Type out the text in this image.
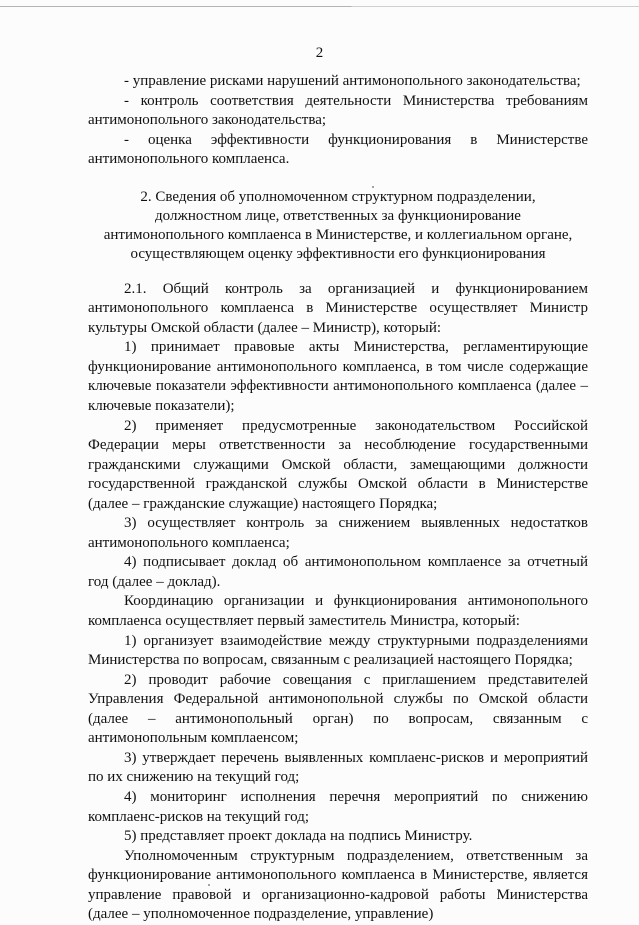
2

- управление рисками нарушений антимонопольного законодательства;

- контроль соответствия деятельности Министерства требованиям антимонопольного законодательства;

- оценка эффективности функционирования в Министерстве антимонопольного комплаенса.

2. Сведения об уполномоченном структурном подразделении, должностном лице, ответственных за функционирование антимонопольного комплаенса в Министерстве, и коллегиальном органе, осуществляющем оценку эффективности его функционирования

2.1. Общий контроль за организацией и функционированием антимонопольного комплаенса в Министерстве осуществляет Министр культуры Омской области (далее – Министр), который:

1) принимает правовые акты Министерства, регламентирующие функционирование антимонопольного комплаенса, в том числе содержащие ключевые показатели эффективности антимонопольного комплаенса (далее – ключевые показатели);

2) применяет предусмотренные законодательством Российской Федерации меры ответственности за несоблюдение государственными гражданскими служащими Омской области, замещающими должности государственной гражданской службы Омской области в Министерстве (далее – гражданские служащие) настоящего Порядка;

3) осуществляет контроль за снижением выявленных недостатков антимонопольного комплаенса;

4) подписывает доклад об антимонопольном комплаенсе за отчетный год (далее – доклад).

Координацию организации и функционирования антимонопольного комплаенса осуществляет первый заместитель Министра, который:

1) организует взаимодействие между структурными подразделениями Министерства по вопросам, связанным с реализацией настоящего Порядка;

2) проводит рабочие совещания с приглашением представителей Управления Федеральной антимонопольной службы по Омской области (далее – антимонопольный орган) по вопросам, связанным с антимонопольным комплаенсом;

3) утверждает перечень выявленных комплаенс-рисков и мероприятий по их снижению на текущий год;

4) мониторинг исполнения перечня мероприятий по снижению комплаенс-рисков на текущий год;

5) представляет проект доклада на подпись Министру.

Уполномоченным структурным подразделением, ответственным за функционирование антимонопольного комплаенса в Министерстве, является управление правовой и организационно-кадровой работы Министерства (далее – уполномоченное подразделение, управление)
